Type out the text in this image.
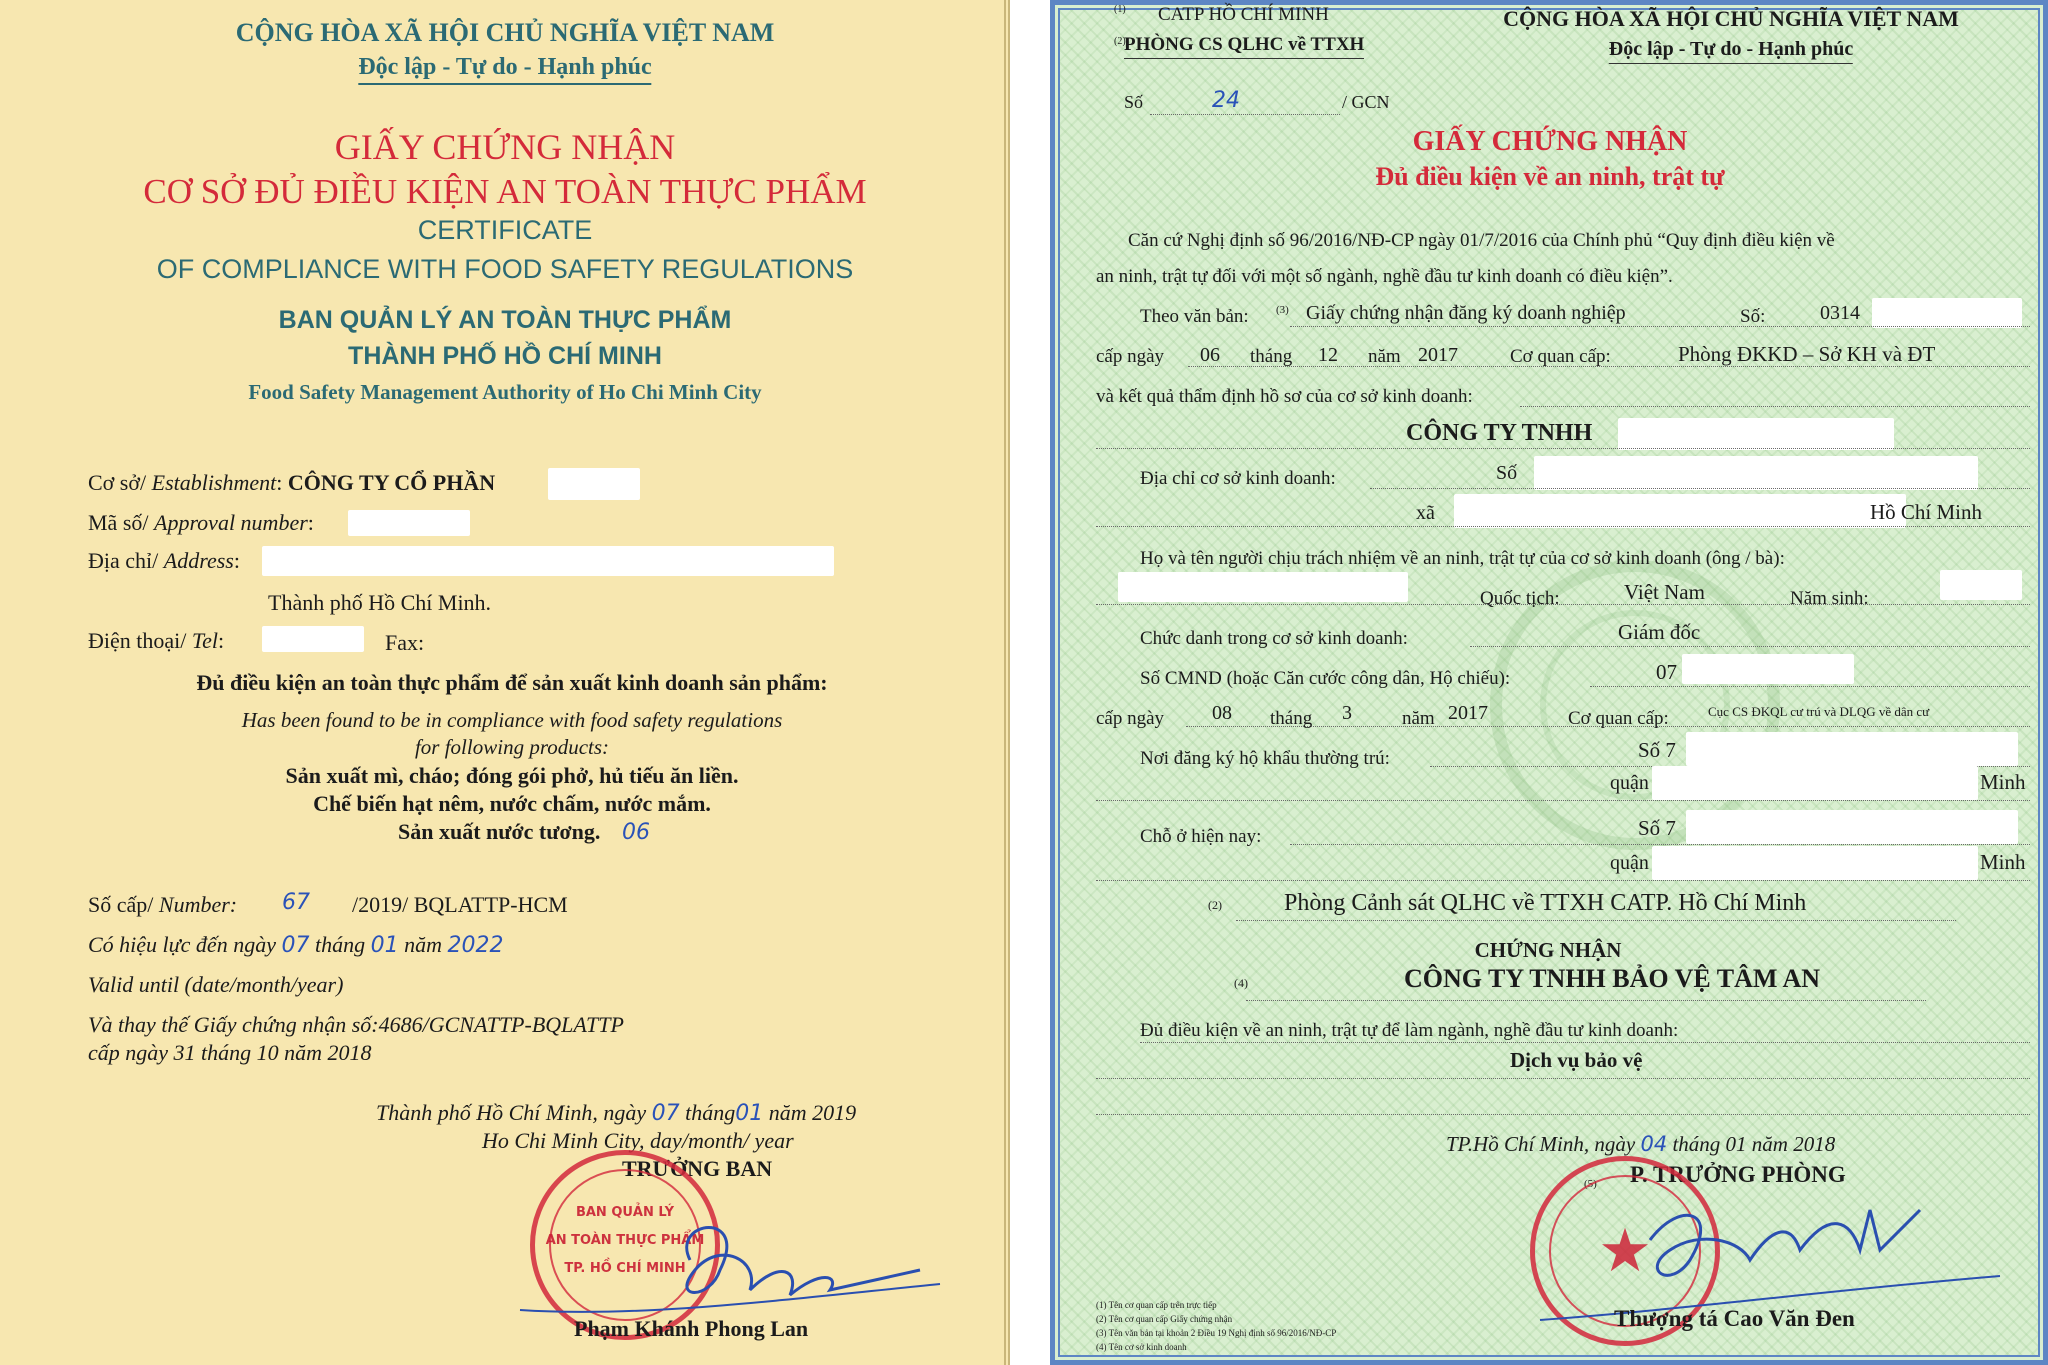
CỘNG HÒA XÃ HỘI CHỦ NGHĨA VIỆT NAM
Độc lập - Tự do - Hạnh phúc
GIẤY CHỨNG NHẬN
CƠ SỞ ĐỦ ĐIỀU KIỆN AN TOÀN THỰC PHẨM
CERTIFICATE
OF COMPLIANCE WITH FOOD SAFETY REGULATIONS
BAN QUẢN LÝ AN TOÀN THỰC PHẨM
THÀNH PHỐ HỒ CHÍ MINH
Food Safety Management Authority of Ho Chi Minh City
Cơ sở/ Establishment: CÔNG TY CỔ PHẦN
Mã số/ Approval number:
Địa chỉ/ Address:
Thành phố Hồ Chí Minh.
Điện thoại/ Tel:	Fax:
Đủ điều kiện an toàn thực phẩm để sản xuất kinh doanh sản phẩm:
Has been found to be in compliance with food safety regulations
for following products:
Sản xuất mì, cháo; đóng gói phở, hủ tiếu ăn liền.
Chế biến hạt nêm, nước chấm, nước mắm.
Sản xuất nước tương. 06
Số cấp/ Number: 67 /2019/ BQLATTP-HCM
Có hiệu lực đến ngày 07 tháng 01 năm 2022
Valid until (date/month/year)
Và thay thế Giấy chứng nhận số:4686/GCNATTP-BQLATTP
cấp ngày 31 tháng 10 năm 2018
Thành phố Hồ Chí Minh, ngày 07 tháng01 năm 2019
Ho Chi Minh City, day/month/ year
TRƯỞNG BAN
BAN QUẢN LÝ
AN TOÀN THỰC PHẨM
TP. HỒ CHÍ MINH
Phạm Khánh Phong Lan
(1) CATP HỒ CHÍ MINH
(2)
PHÒNG CS QLHC về TTXH
Số	24	/ GCN
CỘNG HÒA XÃ HỘI CHỦ NGHĨA VIỆT NAM
Độc lập - Tự do - Hạnh phúc
GIẤY CHỨNG NHẬN
Đủ điều kiện về an ninh, trật tự
Căn cứ Nghị định số 96/2016/NĐ-CP ngày 01/7/2016 của Chính phủ “Quy định điều kiện về
an ninh, trật tự đối với một số ngành, nghề đầu tư kinh doanh có điều kiện”.
Theo văn bản: (3) Giấy chứng nhận đăng ký doanh nghiệp	Số:	0314
cấp ngày 06 tháng 12 năm 2017	Cơ quan cấp:	Phòng ĐKKD – Sở KH và ĐT
và kết quả thẩm định hồ sơ của cơ sở kinh doanh:
CÔNG TY TNHH
Địa chỉ cơ sở kinh doanh:	Số
xã	Hồ Chí Minh
Họ và tên người chịu trách nhiệm về an ninh, trật tự của cơ sở kinh doanh (ông / bà):
Quốc tịch:	Việt Nam	Năm sinh:
Chức danh trong cơ sở kinh doanh:	Giám đốc
Số CMND (hoặc Căn cước công dân, Hộ chiếu):	07
cấp ngày 08 tháng 3	năm 2017	Cơ quan cấp:	Cục CS ĐKQL cư trú và DLQG về dân cư
Nơi đăng ký hộ khẩu thường trú:	Số 7
quận	Minh
Chỗ ở hiện nay:	Số 7
quận	Minh
(2)	Phòng Cảnh sát QLHC về TTXH CATP. Hồ Chí Minh
CHỨNG NHẬN
(4)	CÔNG TY TNHH BẢO VỆ TÂM AN
Đủ điều kiện về an ninh, trật tự để làm ngành, nghề đầu tư kinh doanh:
Dịch vụ bảo vệ
TP.Hồ Chí Minh, ngày 04 tháng 01 năm 2018
(5) P. TRƯỞNG PHÒNG
★
Thượng tá Cao Văn Đen
(1) Tên cơ quan cấp trên trực tiếp
(2) Tên cơ quan cấp Giấy chứng nhận
(3) Tên văn bản tại khoản 2 Điều 19 Nghị định số 96/2016/NĐ-CP
(4) Tên cơ sở kinh doanh
